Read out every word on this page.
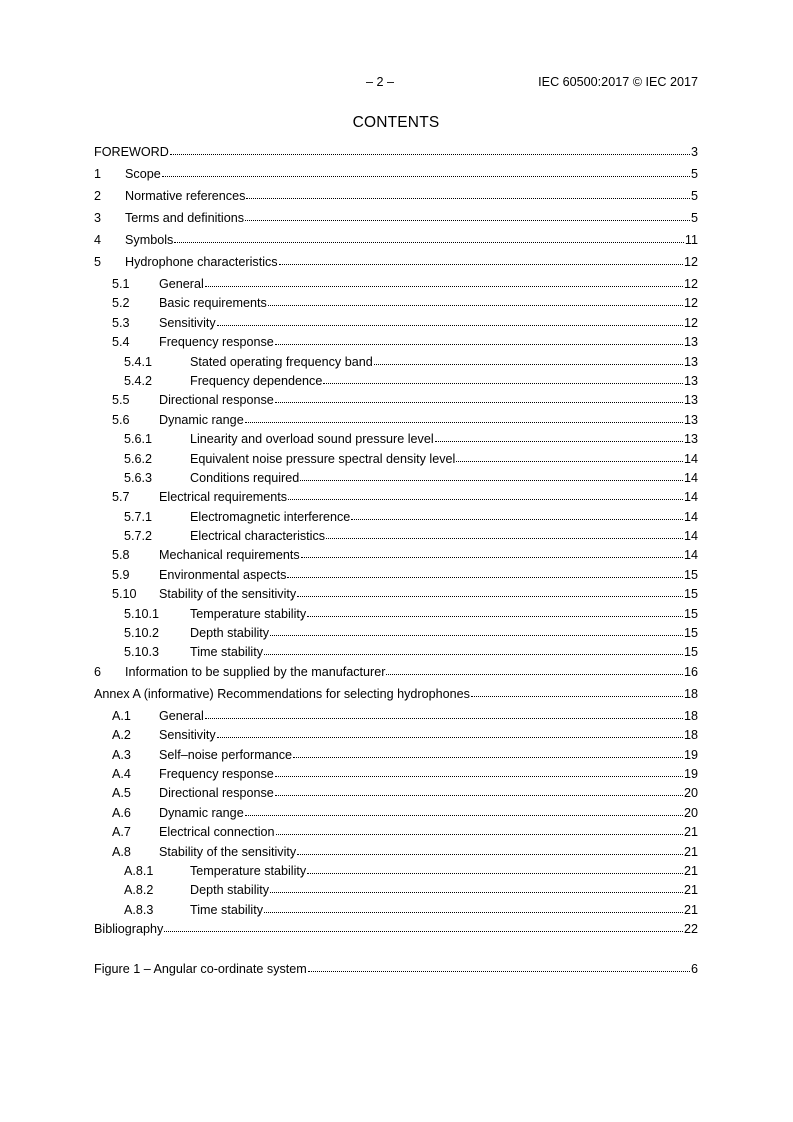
– 2 –	IEC 60500:2017 © IEC 2017
CONTENTS
FOREWORD	3
1	Scope	5
2	Normative references	5
3	Terms and definitions	5
4	Symbols	11
5	Hydrophone characteristics	12
5.1	General	12
5.2	Basic requirements	12
5.3	Sensitivity	12
5.4	Frequency response	13
5.4.1	Stated operating frequency band	13
5.4.2	Frequency dependence	13
5.5	Directional response	13
5.6	Dynamic range	13
5.6.1	Linearity and overload sound pressure level	13
5.6.2	Equivalent noise pressure spectral density level	14
5.6.3	Conditions required	14
5.7	Electrical requirements	14
5.7.1	Electromagnetic interference	14
5.7.2	Electrical characteristics	14
5.8	Mechanical requirements	14
5.9	Environmental aspects	15
5.10	Stability of the sensitivity	15
5.10.1	Temperature stability	15
5.10.2	Depth stability	15
5.10.3	Time stability	15
6	Information to be supplied by the manufacturer	16
Annex A (informative) Recommendations for selecting hydrophones	18
A.1	General	18
A.2	Sensitivity	18
A.3	Self–noise performance	19
A.4	Frequency response	19
A.5	Directional response	20
A.6	Dynamic range	20
A.7	Electrical connection	21
A.8	Stability of the sensitivity	21
A.8.1	Temperature stability	21
A.8.2	Depth stability	21
A.8.3	Time stability	21
Bibliography	22
Figure 1 – Angular co-ordinate system	6
